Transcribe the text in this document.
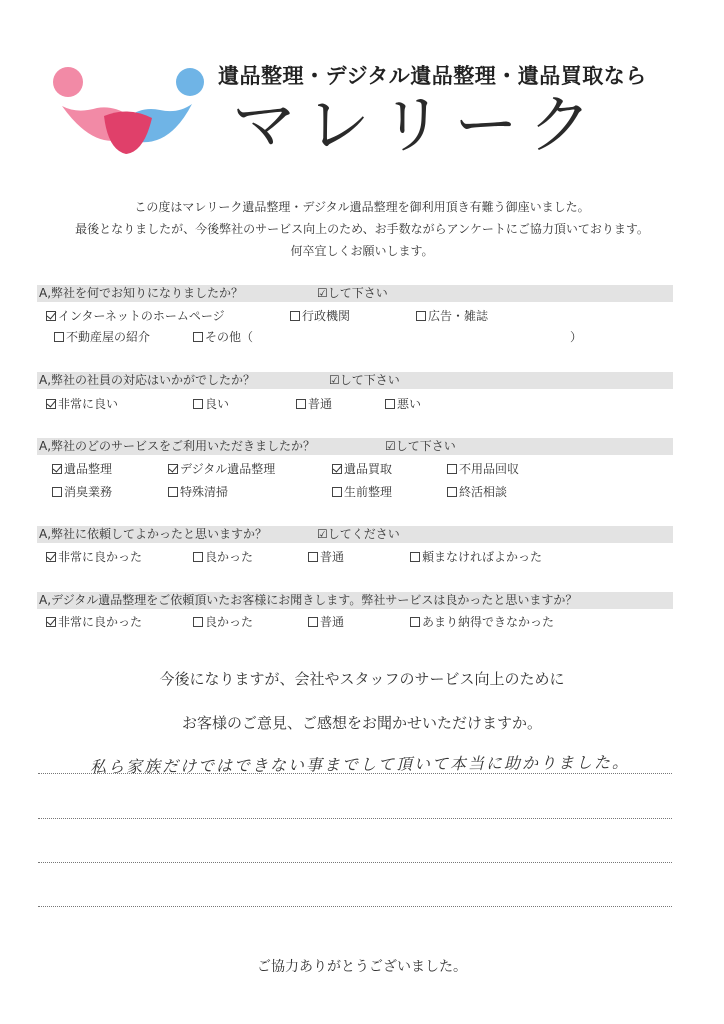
遺品整理・デジタル遺品整理・遺品買取なら
マレリーク
この度はマレリーク遺品整理・デジタル遺品整理を御利用頂き有難う御座いました。
最後となりましたが、今後弊社のサービス向上のため、お手数ながらアンケートにご協力頂いております。
何卒宜しくお願いします。
A,弊社を何でお知りになりましたか？	☑して下さい
インターネットのホームページ	行政機関	広告・雑誌
不動産屋の紹介	その他（	）
A,弊社の社員の対応はいかがでしたか？	☑して下さい
非常に良い	良い	普通	悪い
A,弊社のどのサービスをご利用いただきましたか？	☑して下さい
遺品整理	デジタル遺品整理	遺品買取	不用品回収
消臭業務	特殊清掃	生前整理	終活相談
A,弊社に依頼してよかったと思いますか？	☑してください
非常に良かった	良かった	普通	頼まなければよかった
A,デジタル遺品整理をご依頼頂いたお客様にお聞きします。弊社サービスは良かったと思いますか？
非常に良かった	良かった	普通	あまり納得できなかった
今後になりますが、会社やスタッフのサービス向上のために
お客様のご意見、ご感想をお聞かせいただけますか。
私ら家族だけではできない事までして頂いて本当に助かりました。
ご協力ありがとうございました。
